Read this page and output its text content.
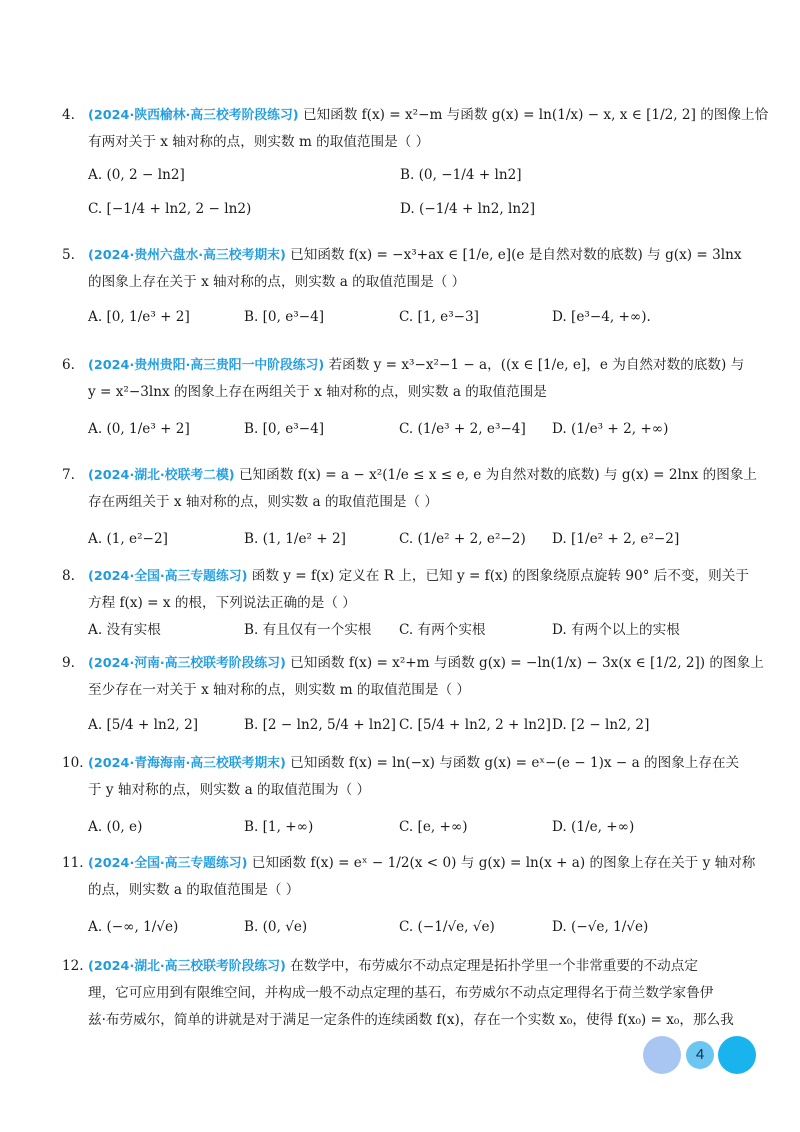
4. (2024·陕西榆林·高三校考阶段练习) 已知函数 f(x) = x²−m 与函数 g(x) = ln(1/x) − x, x ∈ [1/2, 2] 的图像上恰
有两对关于 x 轴对称的点，则实数 m 的取值范围是（ ）
A. (0, 2 − ln2]	B. (0, −1/4 + ln2]
C. [−1/4 + ln2, 2 − ln2)	D. (−1/4 + ln2, ln2]
5. (2024·贵州六盘水·高三校考期末) 已知函数 f(x) = −x³+ax ∈ [1/e, e](e 是自然对数的底数) 与 g(x) = 3lnx
的图象上存在关于 x 轴对称的点，则实数 a 的取值范围是（ ）
A. [0, 1/e³ + 2]	B. [0, e³−4]	C. [1, e³−3]	D. [e³−4, +∞).
6. (2024·贵州贵阳·高三贵阳一中阶段练习) 若函数 y = x³−x²−1 − a，((x ∈ [1/e, e]，e 为自然对数的底数) 与
y = x²−3lnx 的图象上存在两组关于 x 轴对称的点，则实数 a 的取值范围是
A. (0, 1/e³ + 2]	B. [0, e³−4]	C. (1/e³ + 2, e³−4] D. (1/e³ + 2, +∞)
7. (2024·湖北·校联考二模) 已知函数 f(x) = a − x²(1/e ≤ x ≤ e, e 为自然对数的底数) 与 g(x) = 2lnx 的图象上
存在两组关于 x 轴对称的点，则实数 a 的取值范围是（ ）
A. (1, e²−2]	B. (1, 1/e² + 2]	C. (1/e² + 2, e²−2) D. [1/e² + 2, e²−2]
8. (2024·全国·高三专题练习) 函数 y = f(x) 定义在 R 上，已知 y = f(x) 的图象绕原点旋转 90° 后不变，则关于
方程 f(x) = x 的根，下列说法正确的是（ ）
A. 没有实根	B. 有且仅有一个实根 C. 有两个实根	D. 有两个以上的实根
9. (2024·河南·高三校联考阶段练习) 已知函数 f(x) = x²+m 与函数 g(x) = −ln(1/x) − 3x(x ∈ [1/2, 2]) 的图象上
至少存在一对关于 x 轴对称的点，则实数 m 的取值范围是（ ）
A. [5/4 + ln2, 2]	B. [2 − ln2, 5/4 + ln2] C. [5/4 + ln2, 2 + ln2] D. [2 − ln2, 2]
10. (2024·青海海南·高三校联考期末) 已知函数 f(x) = ln(−x) 与函数 g(x) = eˣ−(e − 1)x − a 的图象上存在关
于 y 轴对称的点，则实数 a 的取值范围为（ ）
A. (0, e)	B. [1, +∞)	C. [e, +∞)	D. (1/e, +∞)
11. (2024·全国·高三专题练习) 已知函数 f(x) = eˣ − 1/2(x < 0) 与 g(x) = ln(x + a) 的图象上存在关于 y 轴对称
的点，则实数 a 的取值范围是（ ）
A. (−∞, 1/√e)	B. (0, √e)	C. (−1/√e, √e)	D. (−√e, 1/√e)
12. (2024·湖北·高三校联考阶段练习) 在数学中，布劳威尔不动点定理是拓扑学里一个非常重要的不动点定
理，它可应用到有限维空间，并构成一般不动点定理的基石，布劳威尔不动点定理得名于荷兰数学家鲁伊
兹·布劳威尔，简单的讲就是对于满足一定条件的连续函数 f(x)，存在一个实数 x₀，使得 f(x₀) = x₀，那么我
4
